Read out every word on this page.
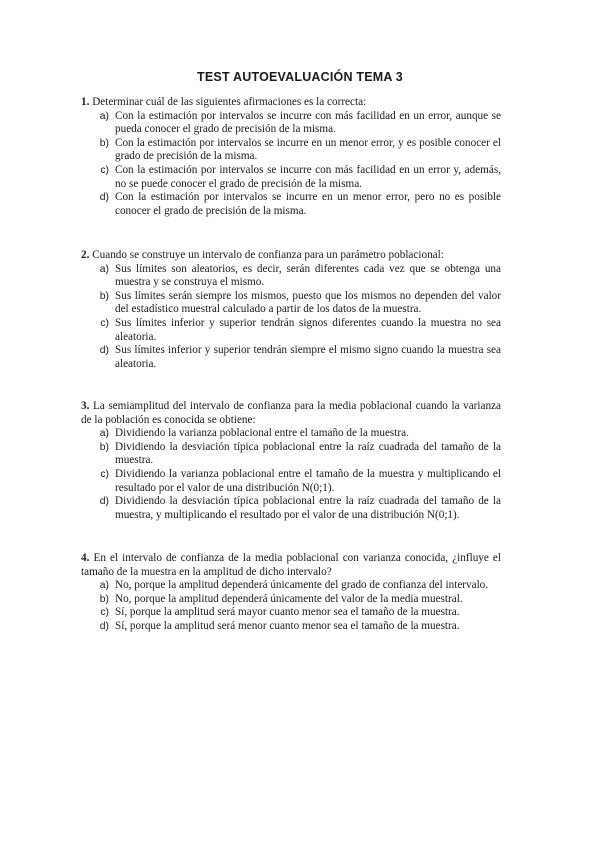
TEST AUTOEVALUACIÓN TEMA 3
1. Determinar cuál de las siguientes afirmaciones es la correcta:
a) Con la estimación por intervalos se incurre con más facilidad en un error, aunque se pueda conocer el grado de precisión de la misma.
b) Con la estimación por intervalos se incurre en un menor error, y es posible conocer el grado de precisión de la misma.
c) Con la estimación por intervalos se incurre con más facilidad en un error y, además, no se puede conocer el grado de precisión de la misma.
d) Con la estimación por intervalos se incurre en un menor error, pero no es posible conocer el grado de precisión de la misma.
2. Cuando se construye un intervalo de confianza para un parámetro poblacional:
a) Sus límites son aleatorios, es decir, serán diferentes cada vez que se obtenga una muestra y se construya el mismo.
b) Sus límites serán siempre los mismos, puesto que los mismos no dependen del valor del estadístico muestral calculado a partir de los datos de la muestra.
c) Sus límites inferior y superior tendrán signos diferentes cuando la muestra no sea aleatoria.
d) Sus límites inferior y superior tendrán siempre el mismo signo cuando la muestra sea aleatoria.
3. La semiamplitud del intervalo de confianza para la media poblacional cuando la varianza de la población es conocida se obtiene:
a) Dividiendo la varianza poblacional entre el tamaño de la muestra.
b) Dividiendo la desviación típica poblacional entre la raíz cuadrada del tamaño de la muestra.
c) Dividiendo la varianza poblacional entre el tamaño de la muestra y multiplicando el resultado por el valor de una distribución N(0;1).
d) Dividiendo la desviación típica poblacional entre la raíz cuadrada del tamaño de la muestra, y multiplicando el resultado por el valor de una distribución N(0;1).
4. En el intervalo de confianza de la media poblacional con varianza conocida, ¿influye el tamaño de la muestra en la amplitud de dicho intervalo?
a) No, porque la amplitud dependerá únicamente del grado de confianza del intervalo.
b) No, porque la amplitud dependerá únicamente del valor de la media muestral.
c) Sí, porque la amplitud será mayor cuanto menor sea el tamaño de la muestra.
d) Sí, porque la amplitud será menor cuanto menor sea el tamaño de la muestra.
